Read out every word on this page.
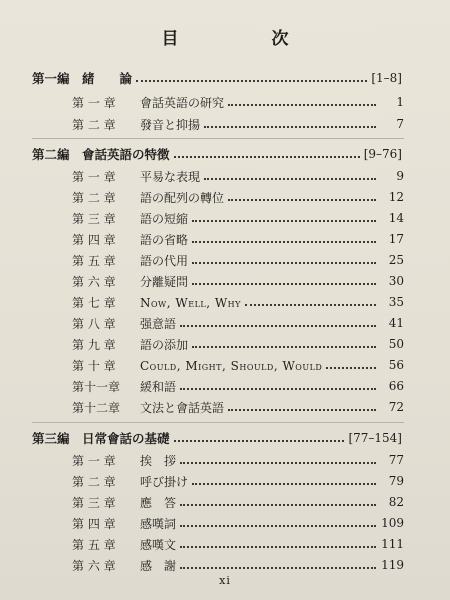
目　次
第一編　緒　　論	[1–8]
第 一 章 會話英語の研究	1
第 二 章 發音と抑揚	7
第二編　會話英語の特徴	[9–76]
第 一 章 平易な表現	9
第 二 章 語の配列の轉位	12
第 三 章 語の短縮	14
第 四 章 語の省略	17
第 五 章 語の代用	25
第 六 章 分離疑問	30
第 七 章 Now, Well, Why	35
第 八 章 强意語	41
第 九 章 語の添加	50
第 十 章 Could, Might, Should, Would	56
第十一章 緩和語	66
第十二章 文法と會話英語	72
第三編　日常會話の基礎	[77–154]
第 一 章 挨　拶	77
第 二 章 呼び掛け	79
第 三 章 應　答	82
第 四 章 感嘆詞	109
第 五 章 感嘆文	111
第 六 章 感　謝	119
xi
